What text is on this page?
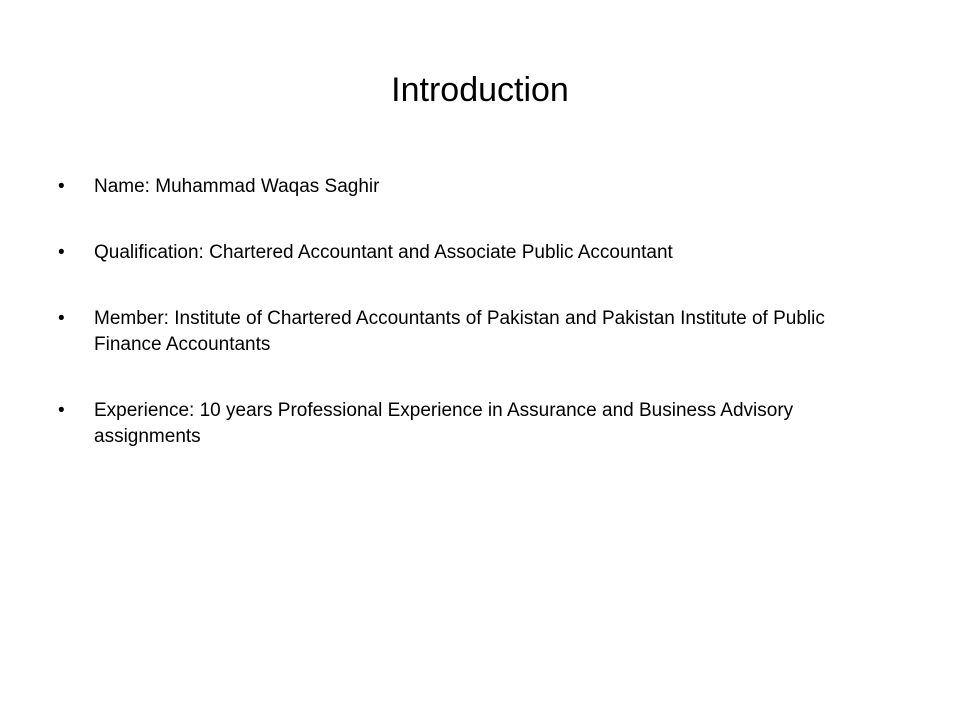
Introduction
•	Name: Muhammad Waqas Saghir
•	Qualification: Chartered Accountant and Associate Public Accountant
•	Member: Institute of Chartered Accountants of Pakistan and Pakistan Institute of Public Finance Accountants
•	Experience: 10 years Professional Experience in Assurance and Business Advisory assignments
